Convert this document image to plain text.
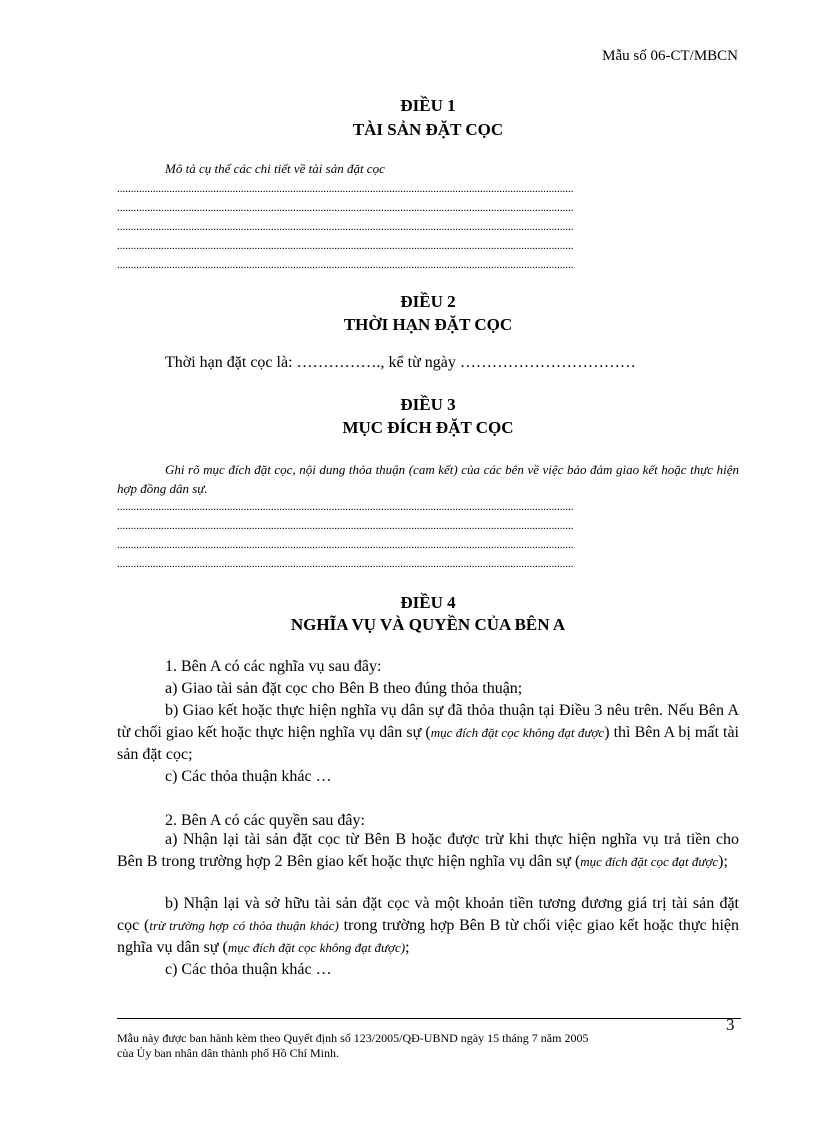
Mẫu số 06-CT/MBCN
ĐIỀU 1
TÀI SẢN ĐẶT CỌC
Mô tả cụ thể các chi tiết về tài sản đặt cọc
......................................................................................................................................................................
......................................................................................................................................................................
......................................................................................................................................................................
......................................................................................................................................................................
......................................................................................................................................................................
ĐIỀU 2
THỜI HẠN ĐẶT CỌC
Thời hạn đặt cọc là: ……………., kể từ ngày ……………………………
ĐIỀU 3
MỤC ĐÍCH ĐẶT CỌC
Ghi rõ mục đích đặt cọc, nội dung thỏa thuận (cam kết) của các bên về việc bảo đảm giao kết hoặc thực hiện hợp đồng dân sự.
......................................................................................................................................................................
......................................................................................................................................................................
......................................................................................................................................................................
......................................................................................................................................................................
ĐIỀU 4
NGHĨA VỤ VÀ QUYỀN CỦA BÊN A
1. Bên A có các nghĩa vụ sau đây:
a) Giao tài sản đặt cọc cho Bên B theo đúng thỏa thuận;
b) Giao kết hoặc thực hiện nghĩa vụ dân sự đã thỏa thuận tại Điều 3 nêu trên. Nếu Bên A từ chối giao kết hoặc thực hiện nghĩa vụ dân sự (mục đích đặt cọc không đạt được) thì Bên A bị mất tài sản đặt cọc;
c) Các thỏa thuận khác …
2. Bên A có các quyền sau đây:
a) Nhận lại tài sản đặt cọc từ Bên B hoặc được trừ khi thực hiện nghĩa vụ trả tiền cho Bên B trong trường hợp 2 Bên giao kết hoặc thực hiện nghĩa vụ dân sự (mục đích đặt cọc đạt được);
b) Nhận lại và sở hữu tài sản đặt cọc và một khoản tiền tương đương giá trị tài sản đặt cọc (trừ trường hợp có thỏa thuận khác) trong trường hợp Bên B từ chối việc giao kết hoặc thực hiện nghĩa vụ dân sự (mục đích đặt cọc không đạt được);
c) Các thỏa thuận khác …
3
Mẫu này được ban hành kèm theo Quyết định số 123/2005/QĐ-UBND ngày 15 tháng 7 năm 2005
của Ủy ban nhân dân thành phố Hồ Chí Minh.
